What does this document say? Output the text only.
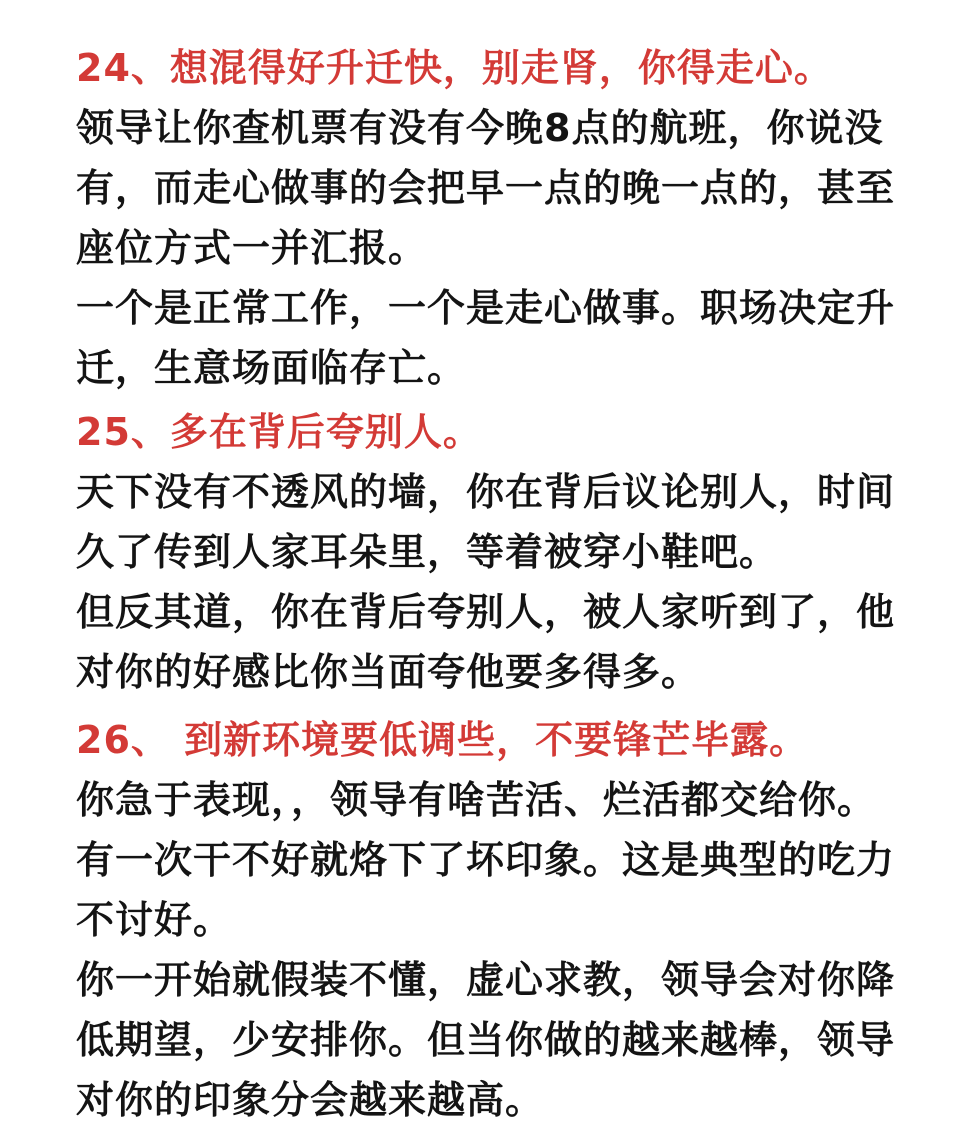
24、想混得好升迁快，别走肾，你得走心。
领导让你查机票有没有今晚8点的航班，你说没
有，而走心做事的会把早一点的晚一点的，甚至
座位方式一并汇报。
一个是正常工作，一个是走心做事。职场决定升
迁，生意场面临存亡。
25、多在背后夸别人。
天下没有不透风的墙，你在背后议论别人，时间
久了传到人家耳朵里，等着被穿小鞋吧。
但反其道，你在背后夸别人，被人家听到了，他
对你的好感比你当面夸他要多得多。
26、 到新环境要低调些，不要锋芒毕露。
你急于表现，，领导有啥苦活、烂活都交给你。
有一次干不好就烙下了坏印象。这是典型的吃力
不讨好。
你一开始就假装不懂，虚心求教，领导会对你降
低期望，少安排你。但当你做的越来越棒，领导
对你的印象分会越来越高。
